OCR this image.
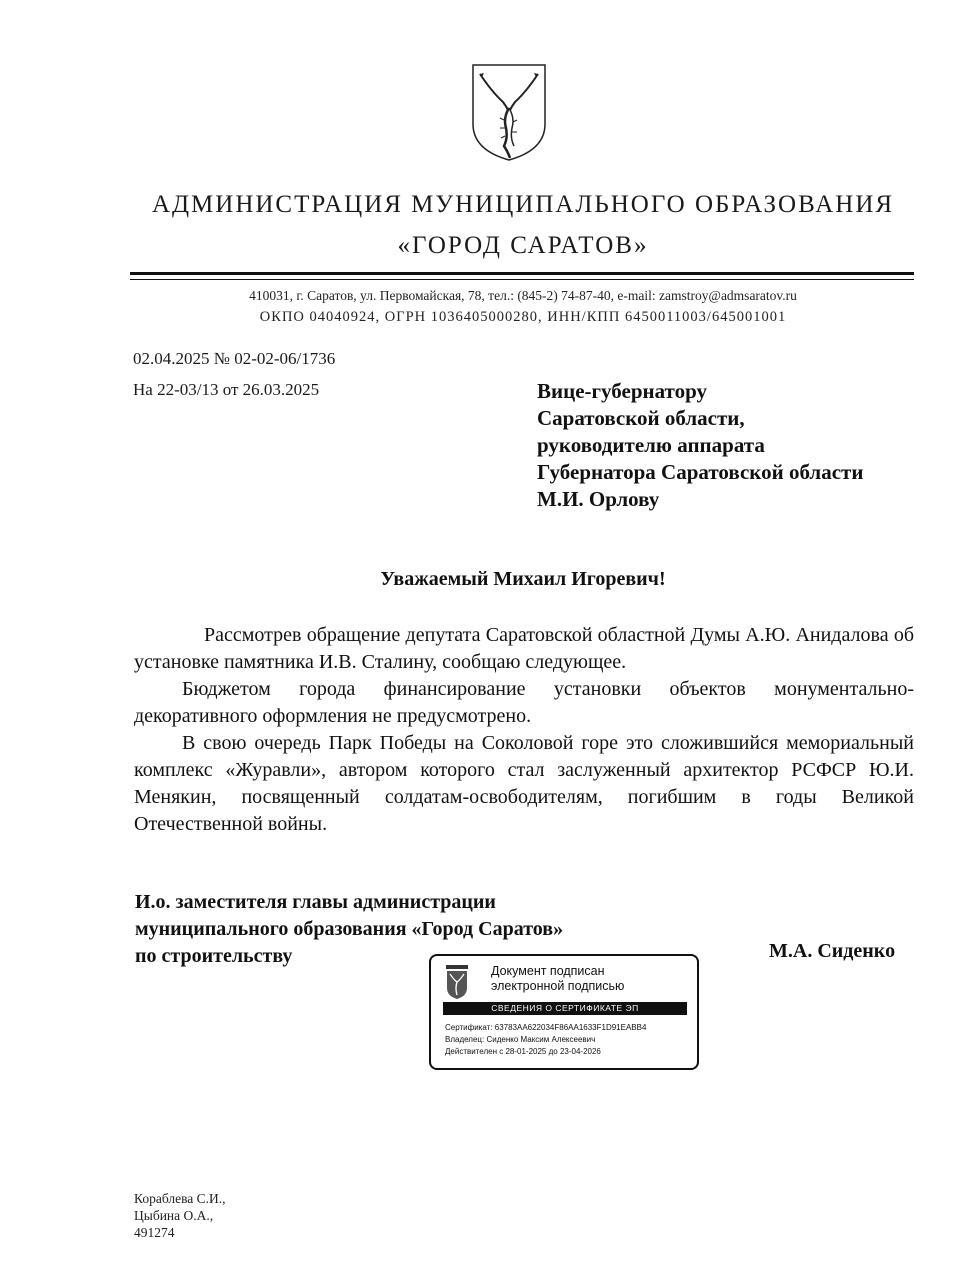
АДМИНИСТРАЦИЯ МУНИЦИПАЛЬНОГО ОБРАЗОВАНИЯ
«ГОРОД САРАТОВ»
410031, г. Саратов, ул. Первомайская, 78, тел.: (845-2) 74-87-40, e-mail: zamstroy@admsaratov.ru
ОКПО 04040924, ОГРН 1036405000280, ИНН/КПП 6450011003/645001001
02.04.2025 № 02-02-06/1736
На 22-03/13 от 26.03.2025	Вице-губернатору
Саратовской области,
руководителю аппарата
Губернатора Саратовской области
М.И. Орлову
Уважаемый Михаил Игоревич!

Рассмотрев обращение депутата Саратовской областной Думы А.Ю. Анидалова об установке памятника И.В. Сталину, сообщаю следующее.

Бюджетом города финансирование установки объектов монументально-декоративного оформления не предусмотрено.

В свою очередь Парк Победы на Соколовой горе это сложившийся мемориальный комплекс «Журавли», автором которого стал заслуженный архитектор РСФСР Ю.И. Менякин, посвященный солдатам-освободителям, погибшим в годы Великой Отечественной войны.

И.о. заместителя главы администрации
муниципального образования «Город Саратов»
по строительству	М.А. Сиденко
Документ подписан
электронной подписью
СВЕДЕНИЯ О СЕРТИФИКАТЕ ЭП
Сертификат: 63783AA622034F86AA1633F1D91EABB4
Владелец: Сиденко Максим Алексеевич
Действителен с 28-01-2025 до 23-04-2026
Кораблева С.И.,
Цыбина О.А.,
491274
